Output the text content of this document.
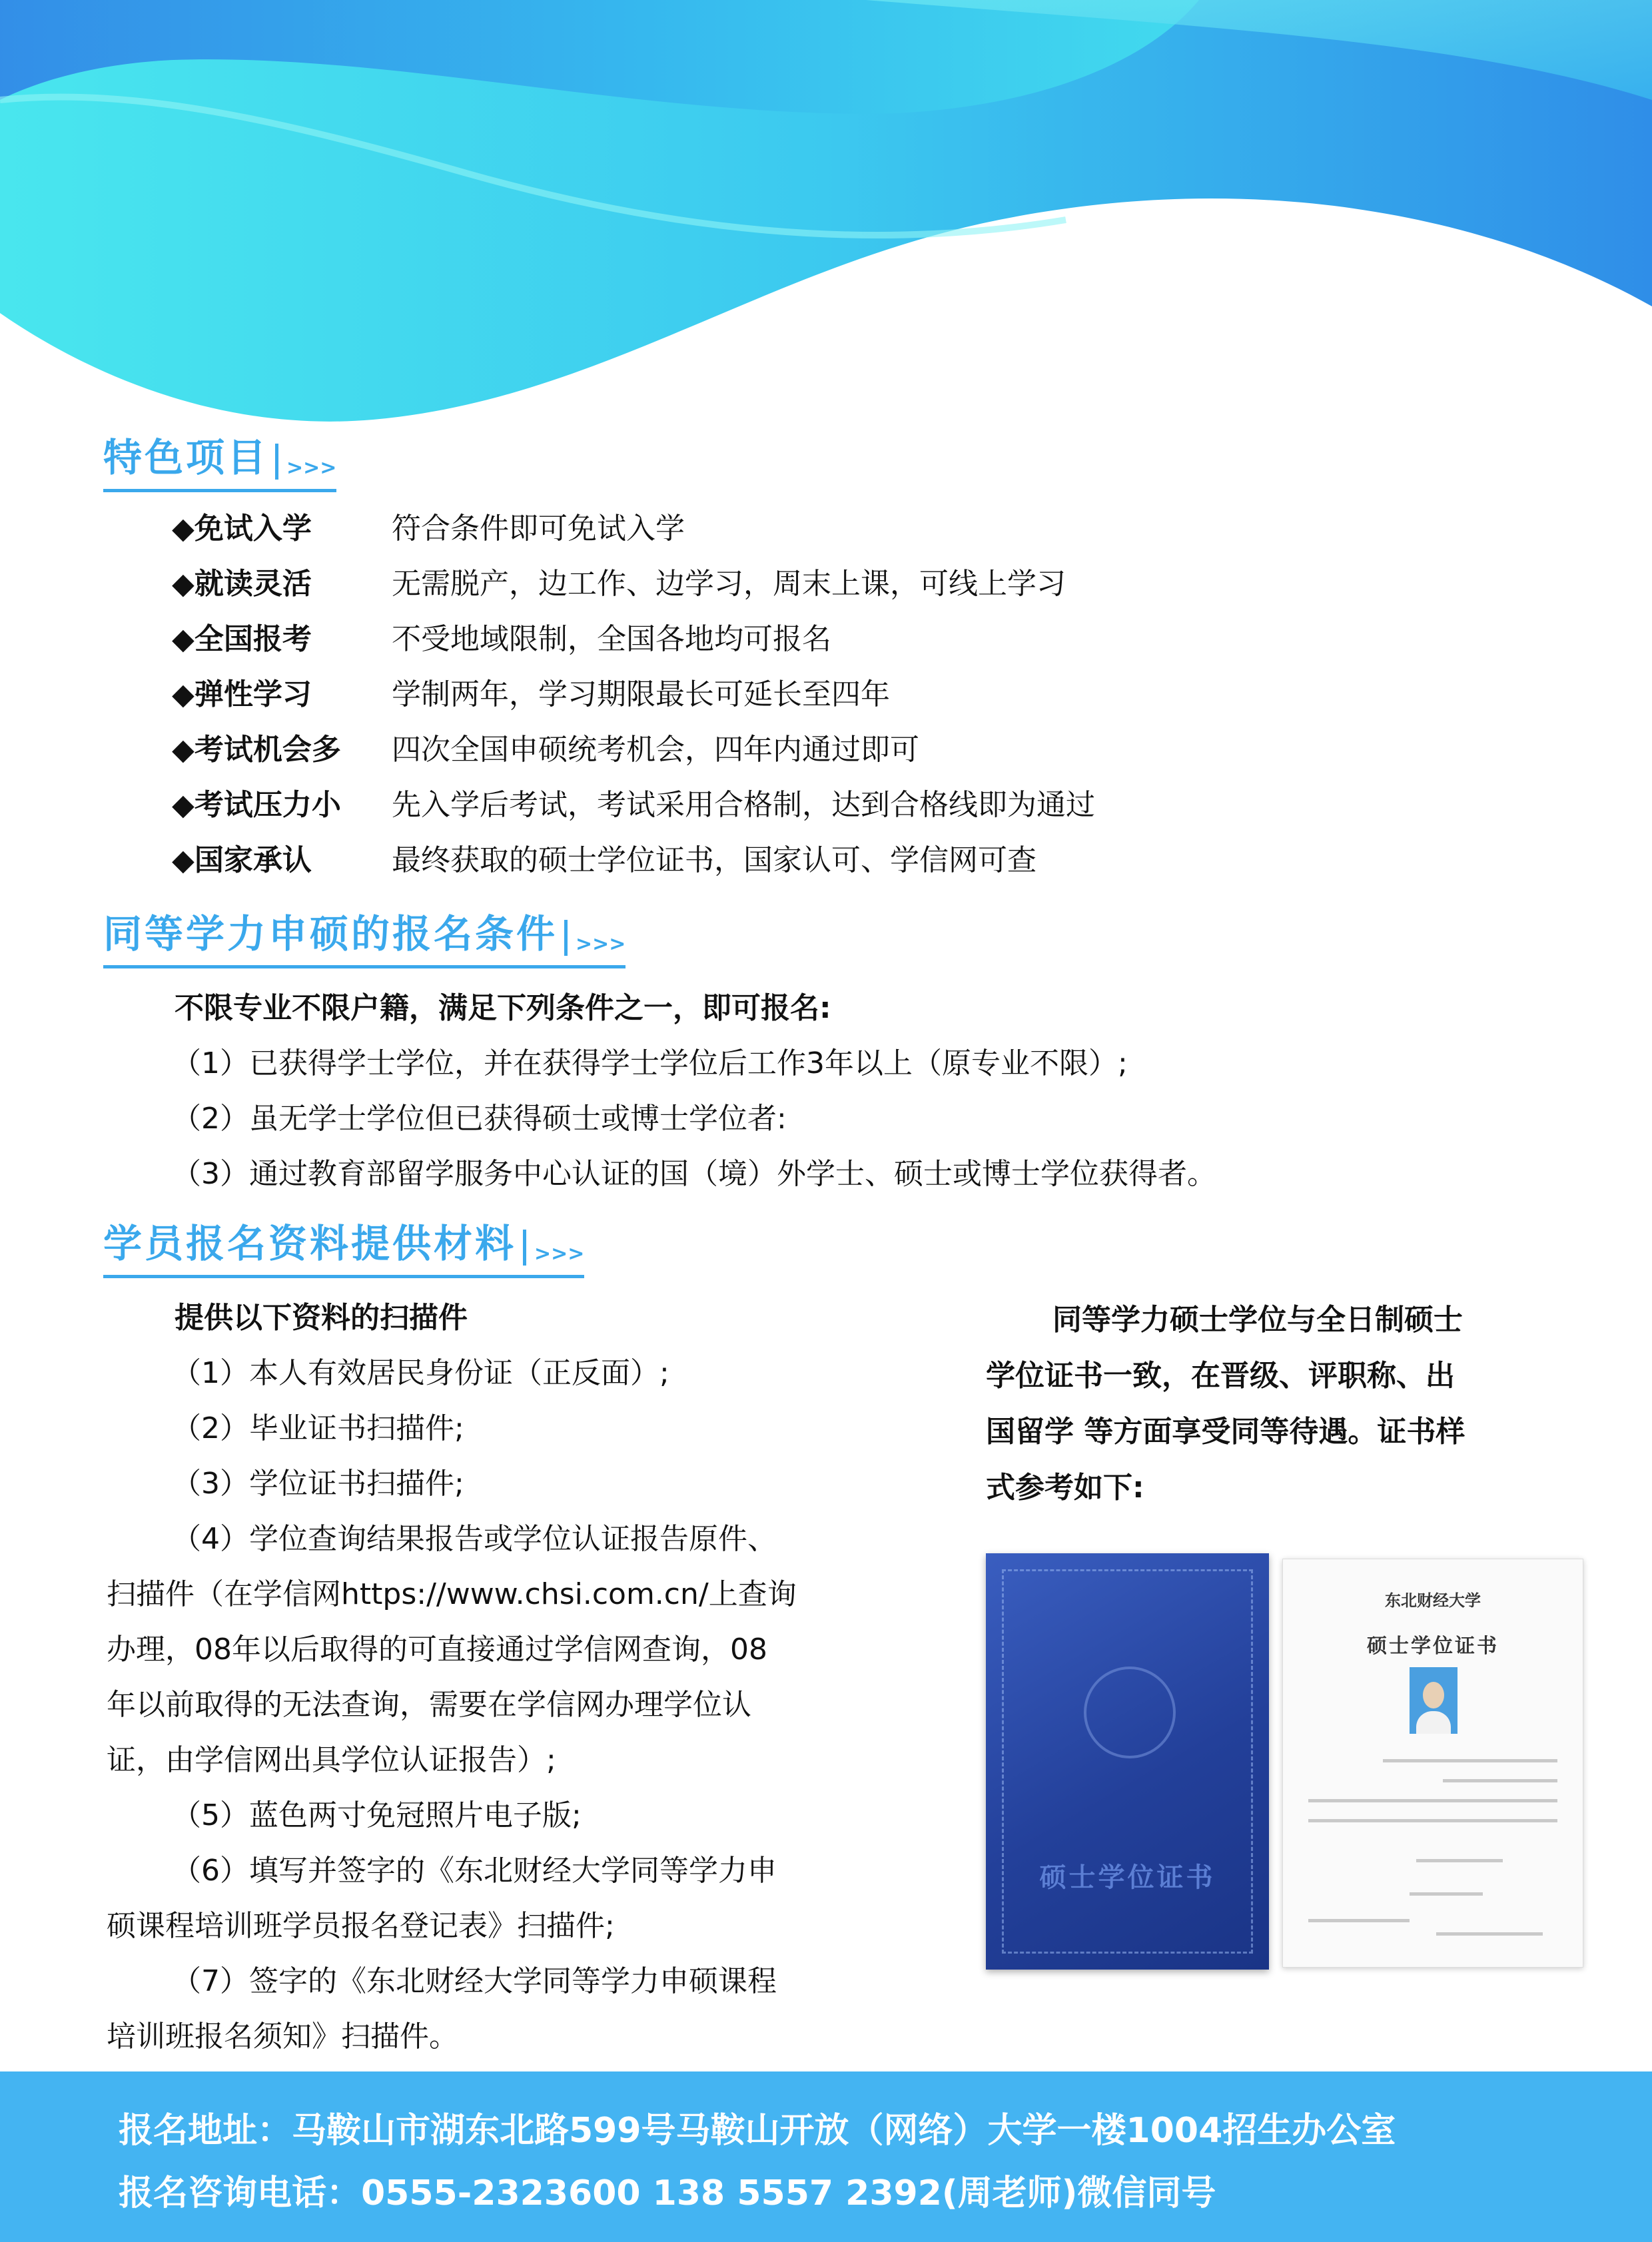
特色项目 >>>
◆免试入学	符合条件即可免试入学
◆就读灵活	无需脱产，边工作、边学习，周末上课，可线上学习
◆全国报考	不受地域限制，全国各地均可报名
◆弹性学习	学制两年，学习期限最长可延长至四年
◆考试机会多	四次全国申硕统考机会，四年内通过即可
◆考试压力小	先入学后考试，考试采用合格制，达到合格线即为通过
◆国家承认	最终获取的硕士学位证书，国家认可、学信网可查
同等学力申硕的报名条件 >>>
不限专业不限户籍，满足下列条件之一，即可报名:
（1）已获得学士学位，并在获得学士学位后工作3年以上（原专业不限）;
（2）虽无学士学位但已获得硕士或博士学位者:
（3）通过教育部留学服务中心认证的国（境）外学士、硕士或博士学位获得者。
学员报名资料提供材料 >>>
提供以下资料的扫描件
（1）本人有效居民身份证（正反面）;
（2）毕业证书扫描件;
（3）学位证书扫描件;
（4）学位查询结果报告或学位认证报告原件、
扫描件（在学信网https://www.chsi.com.cn/上查询
办理，08年以后取得的可直接通过学信网查询，08
年以前取得的无法查询，需要在学信网办理学位认
证，由学信网出具学位认证报告）;
（5）蓝色两寸免冠照片电子版;
（6）填写并签字的《东北财经大学同等学力申
硕课程培训班学员报名登记表》扫描件;
（7）签字的《东北财经大学同等学力申硕课程
培训班报名须知》扫描件。
同等学力硕士学位与全日制硕士
学位证书一致，在晋级、评职称、出
国留学 等方面享受同等待遇。证书样
式参考如下:
硕士学位证书
东北财经大学
硕士学位证书
报名地址：马鞍山市湖东北路599号马鞍山开放（网络）大学一楼1004招生办公室
报名咨询电话：0555-2323600 138 5557 2392(周老师)微信同号
